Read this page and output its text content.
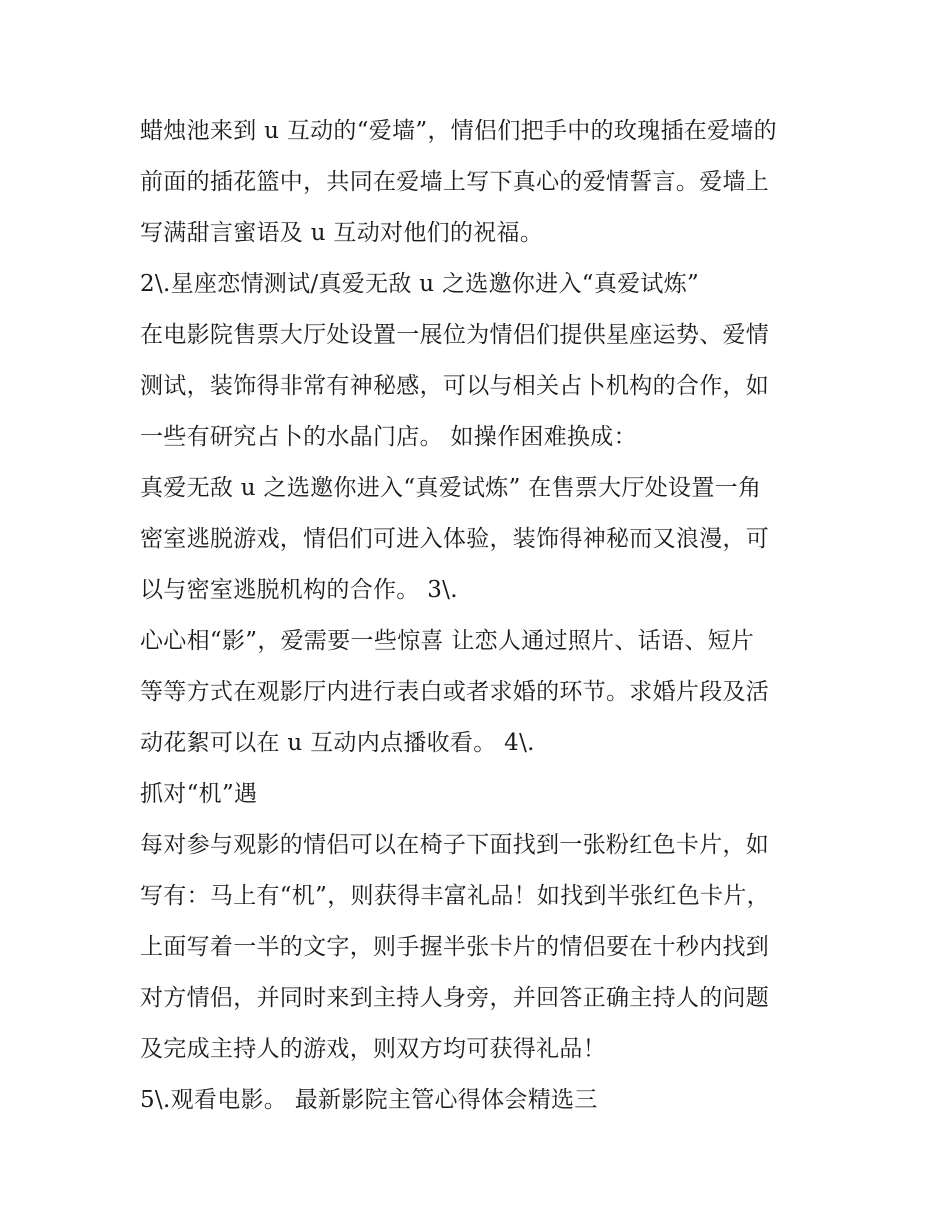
蜡烛池来到 u 互动的“爱墙”，情侣们把手中的玫瑰插在爱墙的
前面的插花篮中，共同在爱墙上写下真心的爱情誓言。爱墙上
写满甜言蜜语及 u 互动对他们的祝福。
2\.星座恋情测试/真爱无敌 u 之选邀你进入“真爱试炼”
在电影院售票大厅处设置一展位为情侣们提供星座运势、爱情
测试，装饰得非常有神秘感，可以与相关占卜机构的合作，如
一些有研究占卜的水晶门店。 如操作困难换成：
真爱无敌 u 之选邀你进入“真爱试炼” 在售票大厅处设置一角
密室逃脱游戏，情侣们可进入体验，装饰得神秘而又浪漫，可
以与密室逃脱机构的合作。 3\.
心心相“影”，爱需要一些惊喜 让恋人通过照片、话语、短片
等等方式在观影厅内进行表白或者求婚的环节。求婚片段及活
动花絮可以在 u 互动内点播收看。 4\.
抓对“机”遇
每对参与观影的情侣可以在椅子下面找到一张粉红色卡片，如
写有：马上有“机”，则获得丰富礼品！如找到半张红色卡片，
上面写着一半的文字，则手握半张卡片的情侣要在十秒内找到
对方情侣，并同时来到主持人身旁，并回答正确主持人的问题
及完成主持人的游戏，则双方均可获得礼品！
5\.观看电影。 最新影院主管心得体会精选三
